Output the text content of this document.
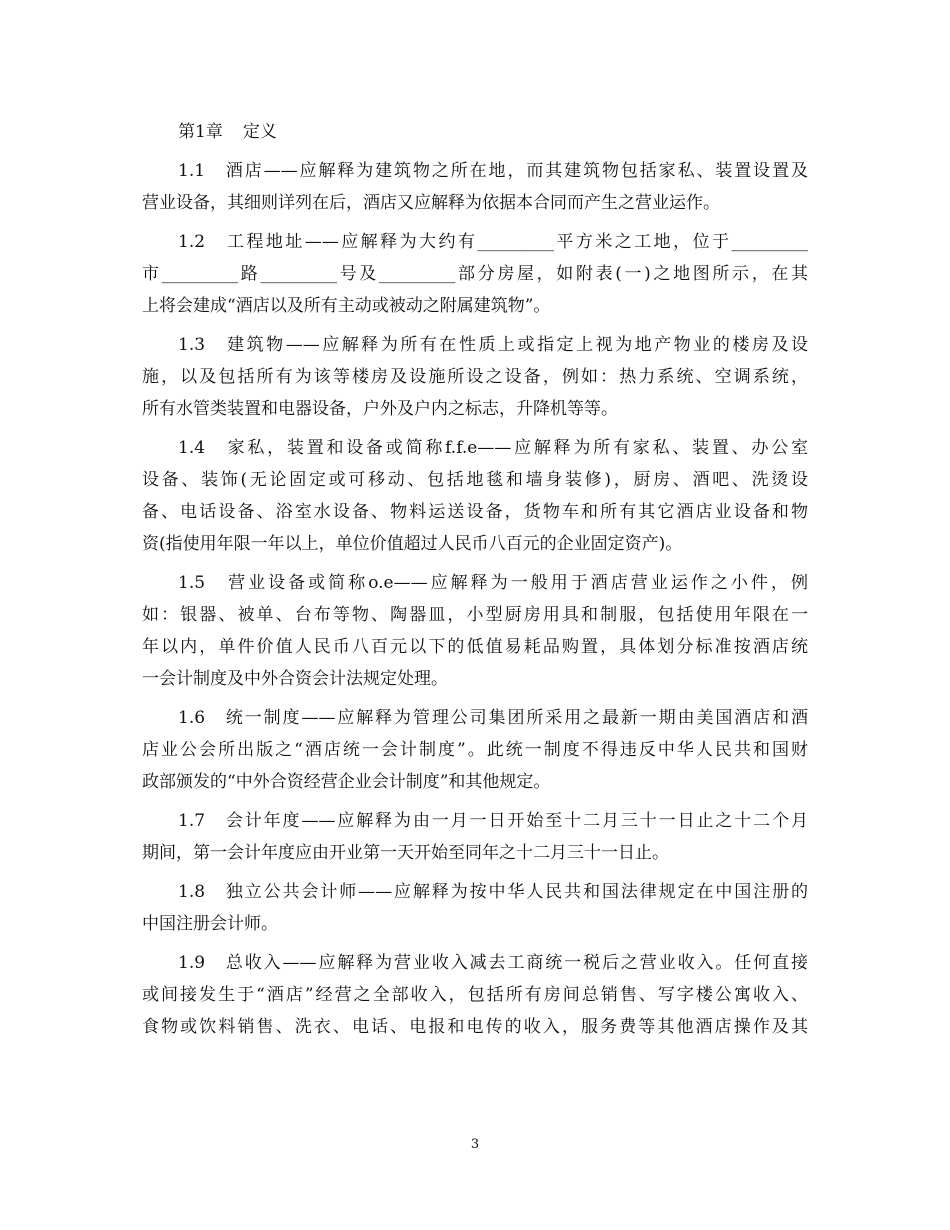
第1章 定义
1.1　酒店——应解释为建筑物之所在地，而其建筑物包括家私、装置设置及
营业设备，其细则详列在后，酒店又应解释为依据本合同而产生之营业运作。
1.2　工程地址——应解释为大约有_________平方米之工地，位于_________
市_________路_________号及_________部分房屋，如附表(一)之地图所示，在其
上将会建成“酒店以及所有主动或被动之附属建筑物”。
1.3　建筑物——应解释为所有在性质上或指定上视为地产物业的楼房及设
施，以及包括所有为该等楼房及设施所设之设备，例如：热力系统、空调系统，
所有水管类装置和电器设备，户外及户内之标志，升降机等等。
1.4　家私，装置和设备或简称f.f.e——应解释为所有家私、装置、办公室
设备、装饰(无论固定或可移动、包括地毯和墙身装修)，厨房、酒吧、洗烫设
备、电话设备、浴室水设备、物料运送设备，货物车和所有其它酒店业设备和物
资(指使用年限一年以上，单位价值超过人民币八百元的企业固定资产)。
1.5　营业设备或简称o.e——应解释为一般用于酒店营业运作之小件，例
如：银器、被单、台布等物、陶器皿，小型厨房用具和制服，包括使用年限在一
年以内，单件价值人民币八百元以下的低值易耗品购置，具体划分标准按酒店统
一会计制度及中外合资会计法规定处理。
1.6　统一制度——应解释为管理公司集团所采用之最新一期由美国酒店和酒
店业公会所出版之“酒店统一会计制度”。此统一制度不得违反中华人民共和国财
政部颁发的“中外合资经营企业会计制度”和其他规定。
1.7　会计年度——应解释为由一月一日开始至十二月三十一日止之十二个月
期间，第一会计年度应由开业第一天开始至同年之十二月三十一日止。
1.8　独立公共会计师——应解释为按中华人民共和国法律规定在中国注册的
中国注册会计师。
1.9　总收入——应解释为营业收入减去工商统一税后之营业收入。任何直接
或间接发生于“酒店”经营之全部收入，包括所有房间总销售、写字楼公寓收入、
食物或饮料销售、洗衣、电话、电报和电传的收入，服务费等其他酒店操作及其
3
